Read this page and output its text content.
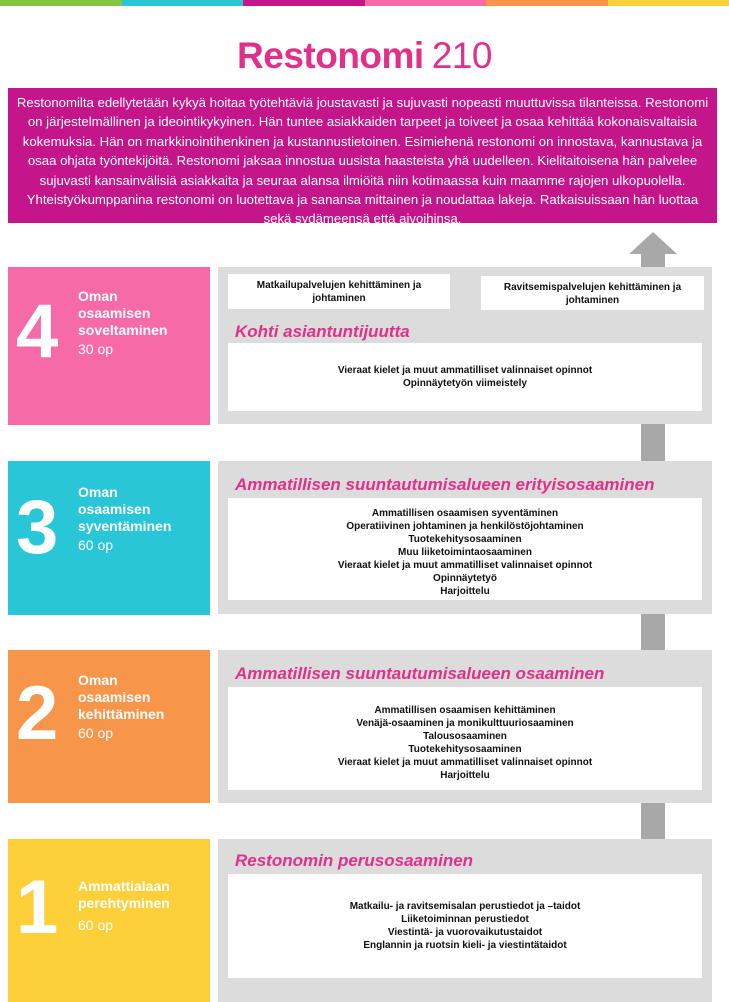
Restonomi 210
Restonomilta edellytetään kykyä hoitaa työtehtäviä joustavasti ja sujuvasti nopeasti muuttuvissa tilanteissa. Restonomi on järjestelmällinen ja ideointikykyinen. Hän tuntee asiakkaiden tarpeet ja toiveet ja osaa kehittää kokonaisvaltaisia kokemuksia. Hän on markkinointihenkinen ja kustannustietoinen. Esimiehenä restonomi on innostava, kannustava ja osaa ohjata työntekijöitä. Restonomi jaksaa innostua uusista haasteista yhä uudelleen. Kielitaitoisena hän palvelee sujuvasti kansainvälisiä asiakkaita ja seuraa alansa ilmiöitä niin kotimaassa kuin maamme rajojen ulkopuolella. Yhteistyökumppanina restonomi on luotettava ja sanansa mittainen ja noudattaa lakeja. Ratkaisuissaan hän luottaa sekä sydämeensä että aivoihinsa.
4 Oman
osaamisen
soveltaminen
30 op
Matkailupalvelujen kehittäminen ja johtaminen
Ravitsemispalvelujen kehittäminen ja johtaminen
Kohti asiantuntijuutta
Vieraat kielet ja muut ammatilliset valinnaiset opinnot
Opinnäytetyön viimeistely
3 Oman
osaamisen
syventäminen
60 op
Ammatillisen suuntautumisalueen erityisosaaminen
Ammatillisen osaamisen syventäminen
Operatiivinen johtaminen ja henkilöstöjohtaminen
Tuotekehitysosaaminen
Muu liiketoimintaosaaminen
Vieraat kielet ja muut ammatilliset valinnaiset opinnot
Opinnäytetyö
Harjoittelu
2 Oman
osaamisen
kehittäminen
60 op
Ammatillisen suuntautumisalueen osaaminen
Ammatillisen osaamisen kehittäminen
Venäjä-osaaminen ja monikulttuuriosaaminen
Talousosaaminen
Tuotekehitysosaaminen
Vieraat kielet ja muut ammatilliset valinnaiset opinnot
Harjoittelu
1 Ammattialaan
perehtyminen
60 op
Restonomin perusosaaminen
Matkailu- ja ravitsemisalan perustiedot ja –taidot
Liiketoiminnan perustiedot
Viestintä- ja vuorovaikutustaidot
Englannin ja ruotsin kieli- ja viestintätaidot
